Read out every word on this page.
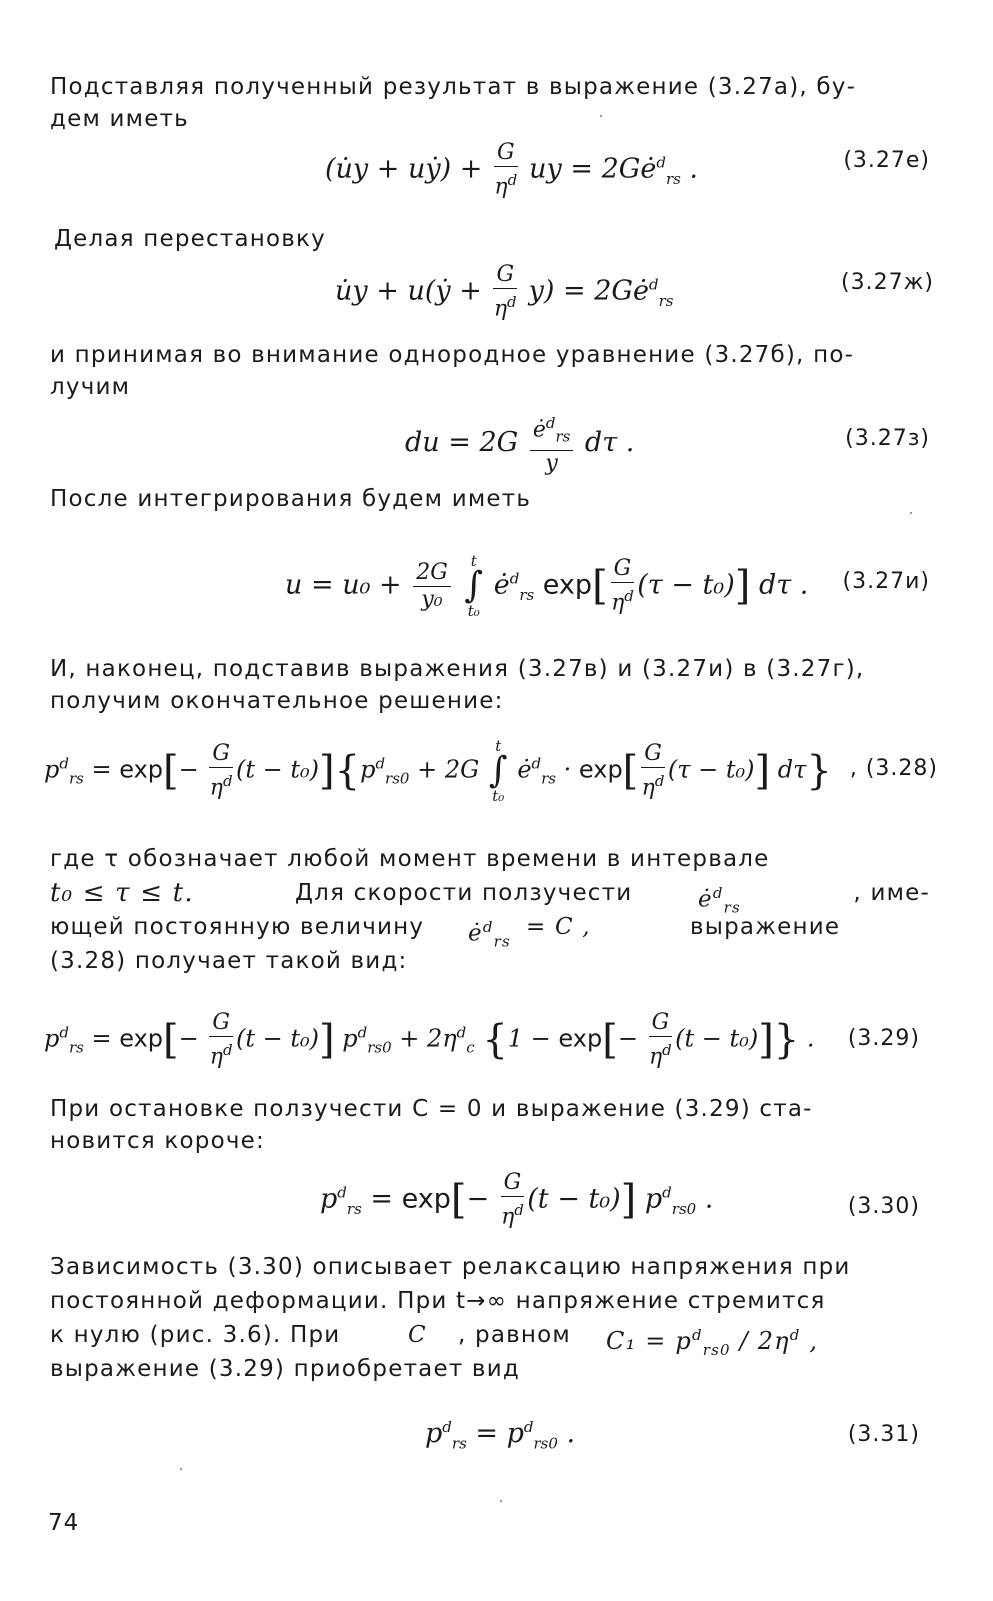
Подставляя полученный результат в выражение (3.27а), бу-
дем иметь

(u̇y + uẏ) + $\frac{G}{\eta^d}$ uy = $2Gė^d_{rs}$ .	(3.27е)

Делая перестановку

u̇y + u(ẏ + $\frac{G}{\eta^d} y$) = $2Gė^d_{rs}$
(3.27ж)

и принимая во внимание однородное уравнение (3.27б), по-
лучим

du = $2G \frac{ė^d_{rs}}{y}$ dτ .	(3.27з)

После интегрирования будем иметь

$u = u_0 + \frac{2G}{\text{y₀}}$ t
∫
t₀ $ė^d_{rs}$ $\exp[ \frac{G}{\eta^d} (\tau - t_0)]$ dτ . (3.27и)

И, наконец, подставив выражения (3.27в) и (3.27и) в (3.27г),
получим окончательное решение:

$p^d_{rs} = \exp[- \frac{G}{\eta^d} (t - t_0)]\{p^d_{rs0} + 2G$ t
∫
t₀ $ė^d_{rs} \cdot \exp[ \frac{G}{\eta^d} (\tau - t_0)]$ dτ} , (3.28)
где τ обозначает любой момент времени в интервале
t₀ ≤ τ ≤ t.	Для скорости ползучести	$ė^d_{rs}$
, име-
ющей постоянную величину $ė^d_{rs}$
= C ,	выражение
(3.28) получает такой вид:
$p^d_{rs} = \exp[- \frac{G}{\eta^d} (t - t_0)] p^d_{rs0} + 2\eta^d_c$ $\{1 - \exp[- \frac{G}{\eta^d} (t - t_0)]\}$ . (3.29)

При остановке ползучести C = 0 и выражение (3.29) ста-
новится короче:

$p^d_{rs} = \exp[- \frac{G}{\eta^d} (t - t_0)]$ $p^d_{rs0}$ .	(3.30)
Зависимость (3.30) описывает релаксацию напряжения при
постоянной деформации. При t→∞ напряжение стремится
к нулю (рис. 3.6). При	C , равном $C_1 = p^d_{rs0} / 2\eta^d$ ,
выражение (3.29) приобретает вид
$p^d_{rs} = p^d_{rs0}$ .	(3.31)
74
